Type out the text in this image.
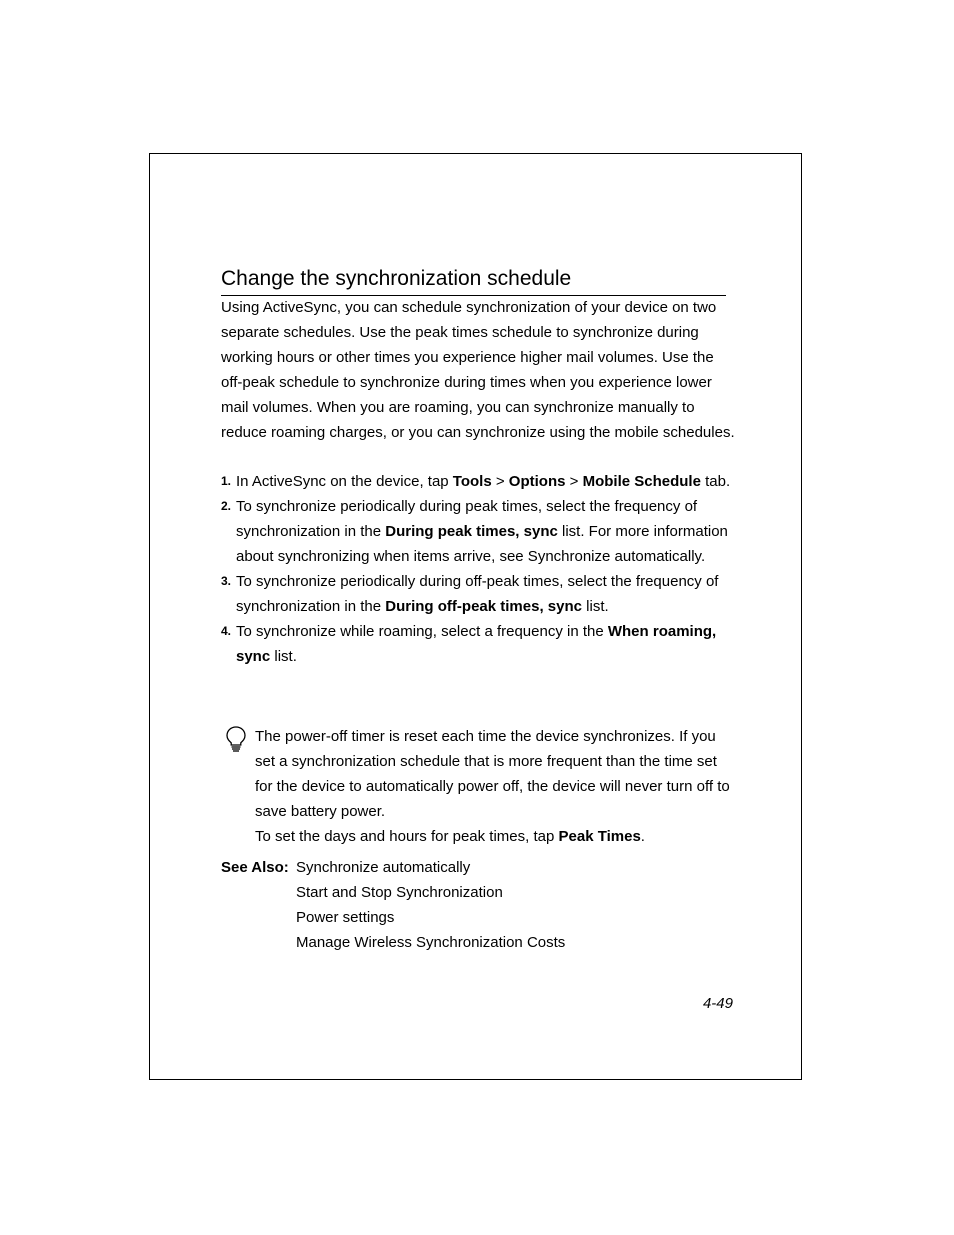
Change the synchronization schedule

Using ActiveSync, you can schedule synchronization of your device on two separate schedules. Use the peak times schedule to synchronize during working hours or other times you experience higher mail volumes. Use the off-peak schedule to synchronize during times when you experience lower mail volumes. When you are roaming, you can synchronize manually to reduce roaming charges, or you can synchronize using the mobile schedules.

1. In ActiveSync on the device, tap Tools > Options > Mobile Schedule tab.
2. To synchronize periodically during peak times, select the frequency of synchronization in the During peak times, sync list. For more information about synchronizing when items arrive, see Synchronize automatically.
3. To synchronize periodically during off-peak times, select the frequency of synchronization in the During off-peak times, sync list.
4. To synchronize while roaming, select a frequency in the When roaming, sync list.
The power-off timer is reset each time the device synchronizes. If you set a synchronization schedule that is more frequent than the time set for the device to automatically power off, the device will never turn off to save battery power.
To set the days and hours for peak times, tap Peak Times.
See Also: Synchronize automatically
Start and Stop Synchronization
Power settings
Manage Wireless Synchronization Costs
4-49
